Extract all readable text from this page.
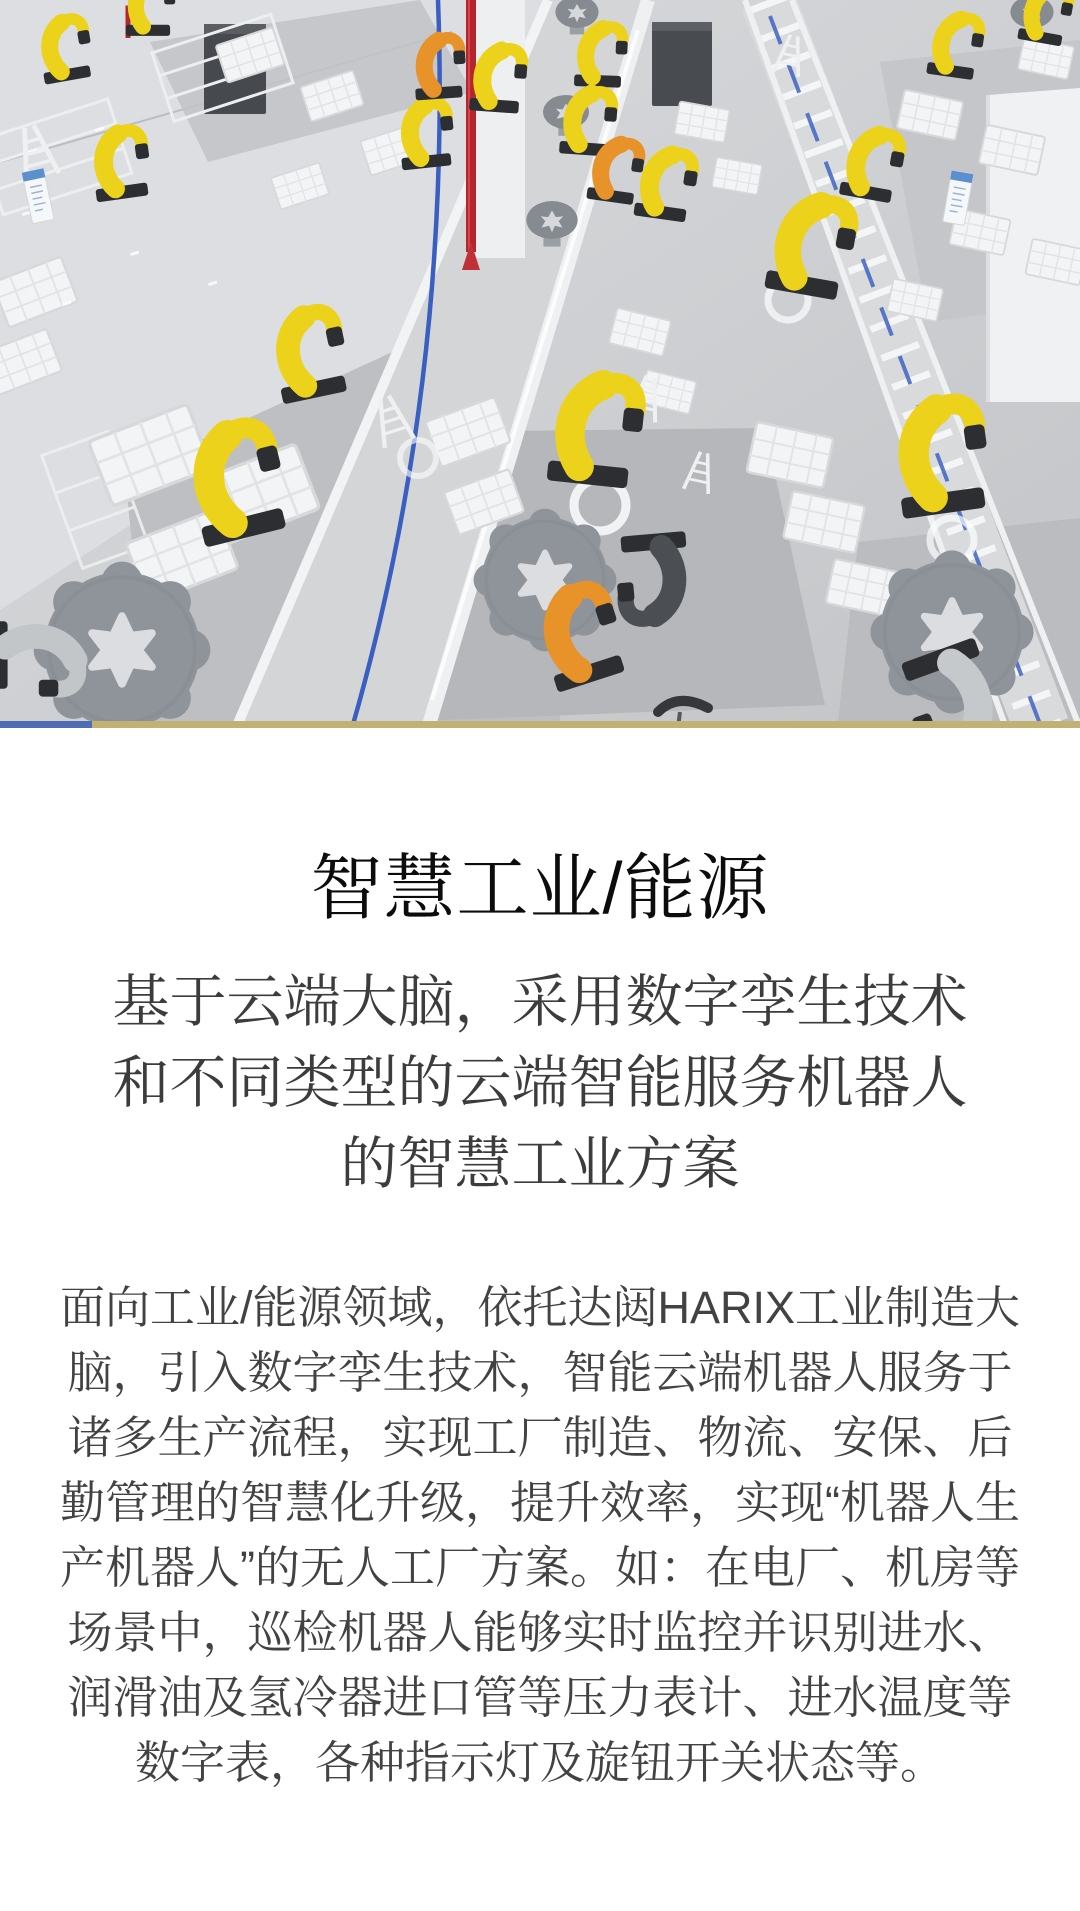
智慧工业/能源

基于云端大脑，采用数字孪生技术和不同类型的云端智能服务机器人的智慧工业方案

面向工业/能源领域，依托达闼HARIX工业制造大脑，引入数字孪生技术，智能云端机器人服务于诸多生产流程，实现工厂制造、物流、安保、后勤管理的智慧化升级，提升效率，实现“机器人生产机器人”的无人工厂方案。如：在电厂、机房等场景中，巡检机器人能够实时监控并识别进水、润滑油及氢冷器进口管等压力表计、进水温度等数字表，各种指示灯及旋钮开关状态等。
